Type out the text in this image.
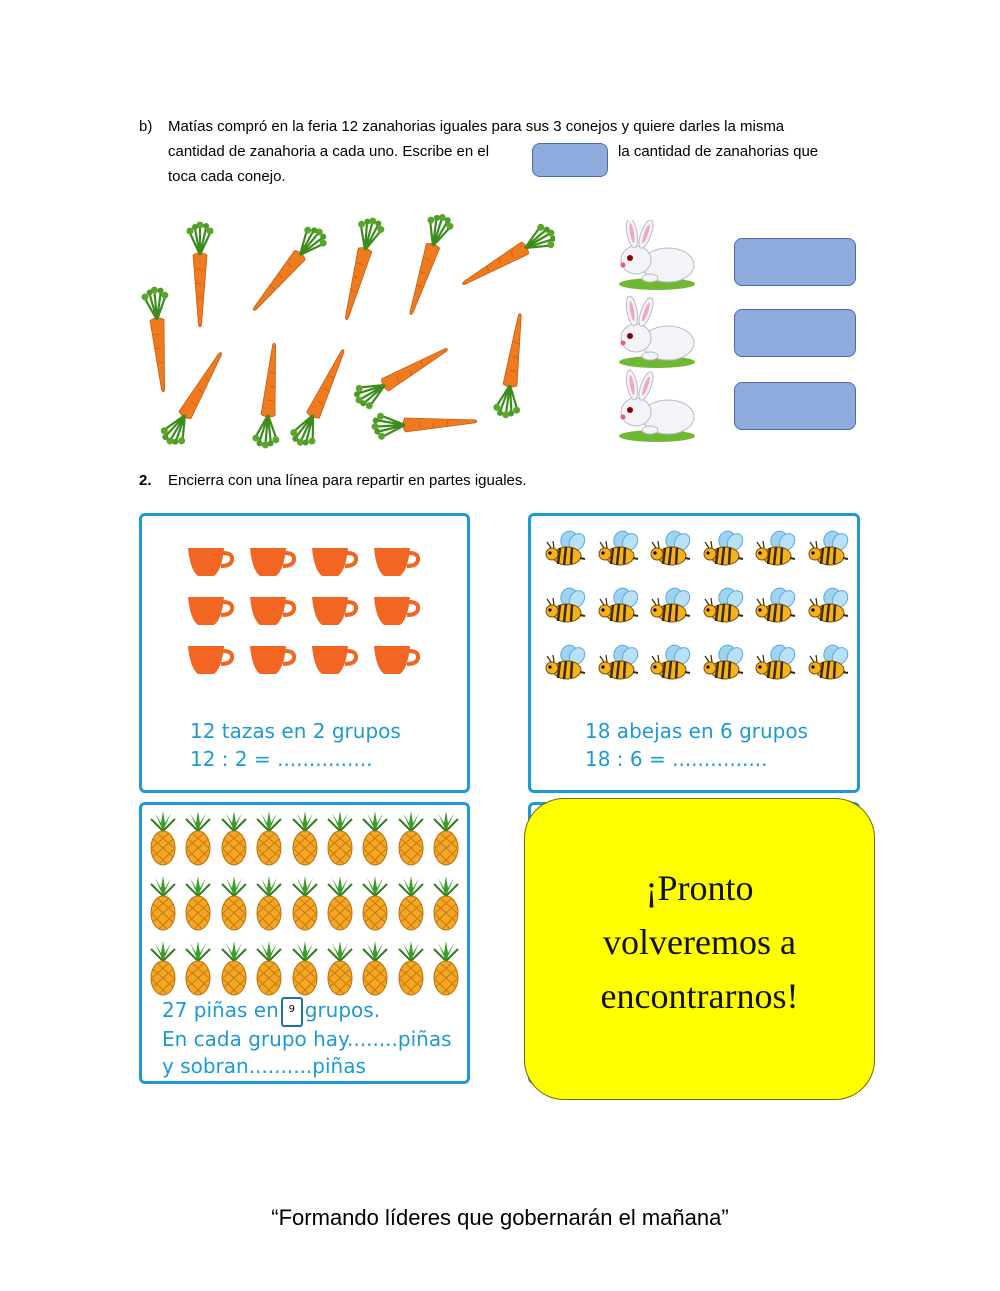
b) Matías compró en la feria 12 zanahorias iguales para sus 3 conejos y quiere darles la misma
cantidad de zanahoria a cada uno. Escribe en el	la cantidad de zanahorias que
toca cada conejo.
2. Encierra con una línea para repartir en partes iguales.
12 tazas en 2 grupos
12 : 2 = ...............
18 abejas en 6 grupos
18 : 6 = ...............
27 piñas en 9 grupos.
En cada grupo hay........piñas
y sobran..........piñas
¡Pronto
volveremos a
encontrarnos!
“Formando líderes que gobernarán el mañana”
